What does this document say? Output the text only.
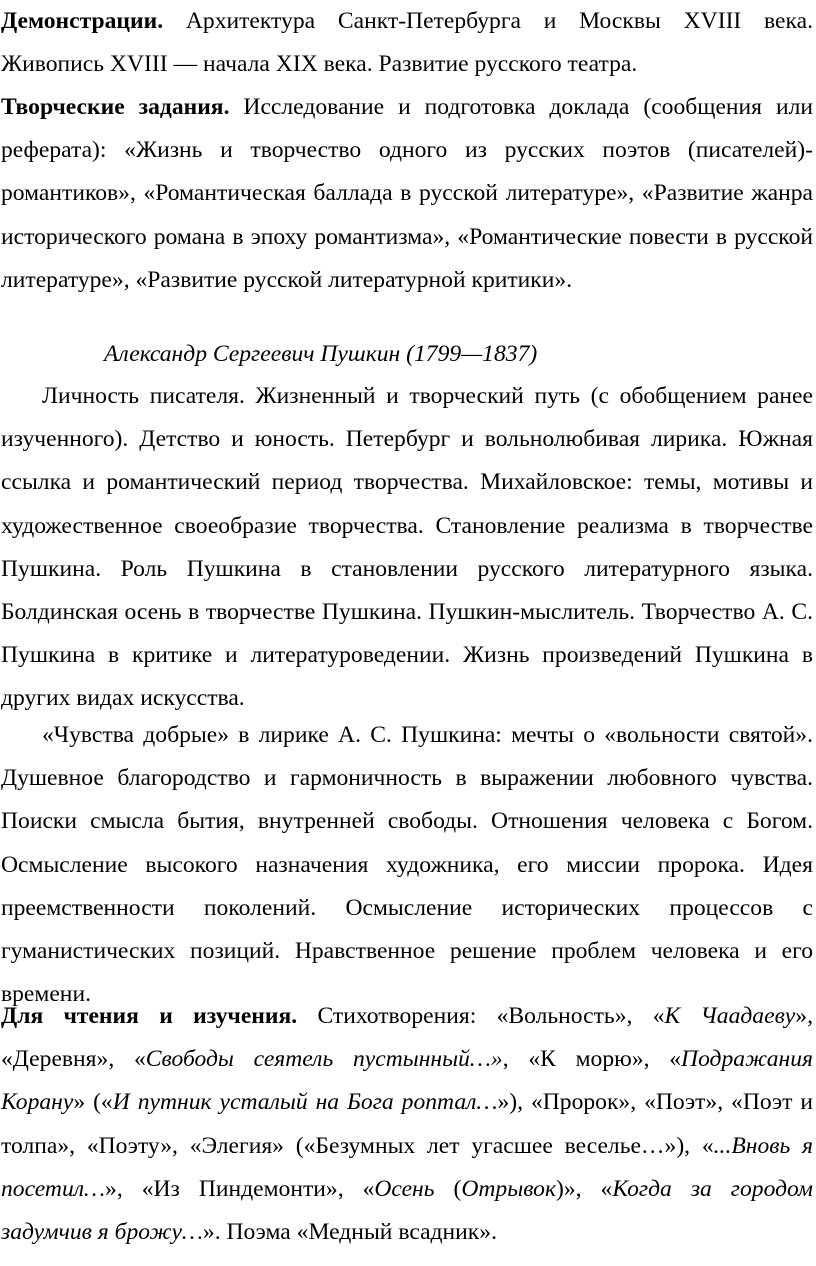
Демонстрации. Архитектура Санкт-Петербурга и Москвы XVIII века. Живопись XVIII — начала XIX века. Развитие русского театра.

Творческие задания. Исследование и подготовка доклада (сообщения или реферата): «Жизнь и творчество одного из русских поэтов (писателей)-романтиков», «Романтическая баллада в русской литературе», «Развитие жанра исторического романа в эпоху романтизма», «Романтические повести в русской литературе», «Развитие русской литературной критики».

Александр Сергеевич Пушкин (1799—1837)

Личность писателя. Жизненный и творческий путь (с обобщением ранее изученного). Детство и юность. Петербург и вольнолюбивая лирика. Южная ссылка и романтический период творчества. Михайловское: темы, мотивы и художественное своеобразие творчества. Становление реализма в творчестве Пушкина. Роль Пушкина в становлении русского литературного языка. Болдинская осень в творчестве Пушкина. Пушкин-мыслитель. Творчество А. С. Пушкина в критике и литературоведении. Жизнь произведений Пушкина в других видах искусства.

«Чувства добрые» в лирике А. С. Пушкина: мечты о «вольности святой». Душевное благородство и гармоничность в выражении любовного чувства. Поиски смысла бытия, внутренней свободы. Отношения человека с Богом. Осмысление высокого назначения художника, его миссии пророка. Идея преемственности поколений. Осмысление исторических процессов с гуманистических позиций. Нравственное решение проблем человека и его времени.

Для чтения и изучения. Стихотворения: «Вольность», «К Чаадаеву», «Деревня», «Свободы сеятель пустынный…», «К морю», «Подражания Корану» («И путник усталый на Бога роптал…»), «Пророк», «Поэт», «Поэт и толпа», «Поэту», «Элегия» («Безумных лет угасшее веселье…»), «...Вновь я посетил…», «Из Пиндемонти», «Осень (Отрывок)», «Когда за городом задумчив я брожу…». Поэма «Медный всадник».
